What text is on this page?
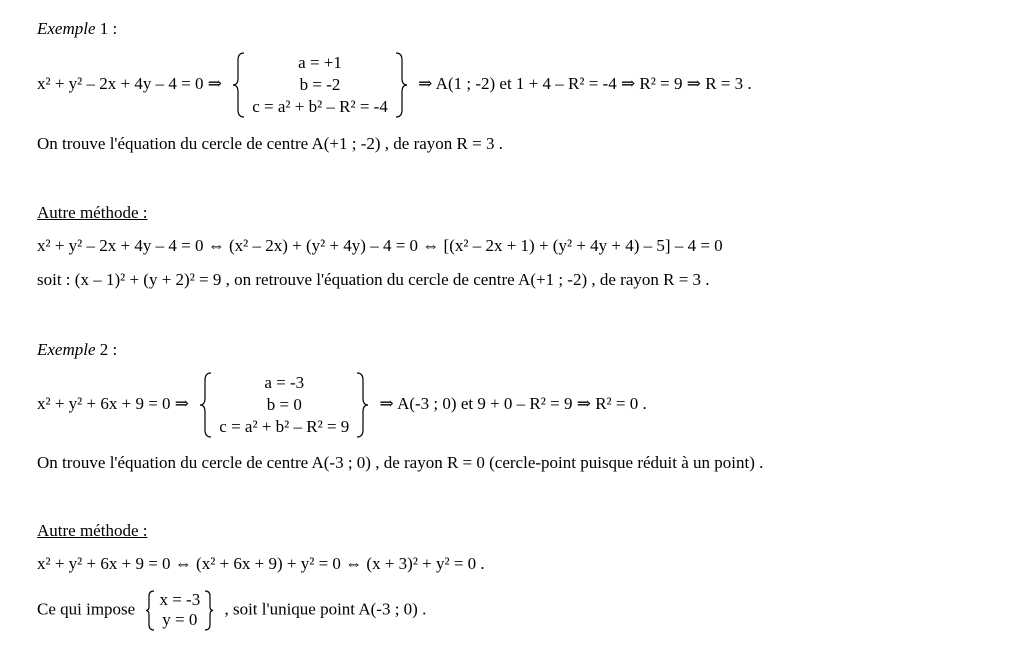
Exemple 1 :
x² + y² – 2x + 4y – 4 = 0 ⇒
a = +1
b = -2
c = a² + b² – R² = -4
⇒ A(1 ; -2) et 1 + 4 – R² = -4 ⇒ R² = 9 ⇒ R = 3 .
On trouve l'équation du cercle de centre A(+1 ; -2) , de rayon R = 3 .
Autre méthode :
x² + y² – 2x + 4y – 4 = 0 ⇔ (x² – 2x) + (y² + 4y) – 4 = 0 ⇔ [(x² – 2x + 1) + (y² + 4y + 4) – 5] – 4 = 0
soit : (x – 1)² + (y + 2)² = 9 , on retrouve l'équation du cercle de centre A(+1 ; -2) , de rayon R = 3 .
Exemple 2 :
x² + y² + 6x + 9 = 0 ⇒
a = -3
b = 0
c = a² + b² – R² = 9
⇒ A(-3 ; 0) et 9 + 0 – R² = 9 ⇒ R² = 0 .
On trouve l'équation du cercle de centre A(-3 ; 0) , de rayon R = 0 (cercle-point puisque réduit à un point) .
Autre méthode :
x² + y² + 6x + 9 = 0 ⇔ (x² + 6x + 9) + y² = 0 ⇔ (x + 3)² + y² = 0 .
Ce qui impose x = -3
y = 0
, soit l'unique point A(-3 ; 0) .
